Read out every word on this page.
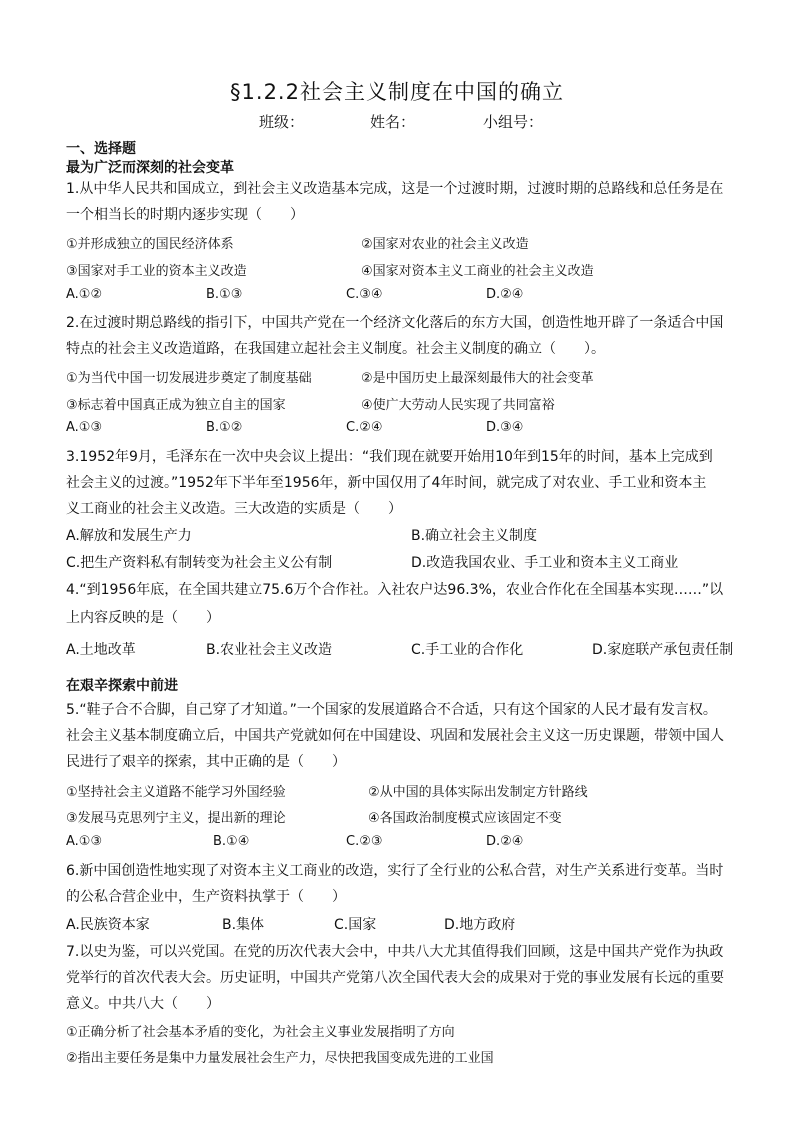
§1.2.2社会主义制度在中国的确立
班级：	姓名：	小组号：
一、选择题
最为广泛而深刻的社会变革
1.从中华人民共和国成立，到社会主义改造基本完成，这是一个过渡时期，过渡时期的总路线和总任务是在
一个相当长的时期内逐步实现（　　）
①并形成独立的国民经济体系	②国家对农业的社会主义改造
③国家对手工业的资本主义改造	④国家对资本主义工商业的社会主义改造
A.①②	B.①③	C.③④	D.②④
2.在过渡时期总路线的指引下，中国共产党在一个经济文化落后的东方大国，创造性地开辟了一条适合中国
特点的社会主义改造道路，在我国建立起社会主义制度。社会主义制度的确立（　　）。
①为当代中国一切发展进步奠定了制度基础	②是中国历史上最深刻最伟大的社会变革
③标志着中国真正成为独立自主的国家	④使广大劳动人民实现了共同富裕
A.①③	B.①②	C.②④	D.③④
3.1952年9月，毛泽东在一次中央会议上提出：“我们现在就要开始用10年到15年的时间，基本上完成到
社会主义的过渡。”1952年下半年至1956年，新中国仅用了4年时间，就完成了对农业、手工业和资本主
义工商业的社会主义改造。三大改造的实质是（　　）
A.解放和发展生产力	B.确立社会主义制度
C.把生产资料私有制转变为社会主义公有制	D.改造我国农业、手工业和资本主义工商业
4.“到1956年底，在全国共建立75.6万个合作社。入社农户达96.3%，农业合作化在全国基本实现……”以
上内容反映的是（　　）
A.土地改革	B.农业社会主义改造	C.手工业的合作化	D.家庭联产承包责任制
在艰辛探索中前进
5.“鞋子合不合脚，自己穿了才知道。”一个国家的发展道路合不合适，只有这个国家的人民才最有发言权。
社会主义基本制度确立后，中国共产党就如何在中国建设、巩固和发展社会主义这一历史课题，带领中国人
民进行了艰辛的探索，其中正确的是（　　）
①坚持社会主义道路不能学习外国经验	②从中国的具体实际出发制定方针路线
③发展马克思列宁主义，提出新的理论	④各国政治制度模式应该固定不变
A.①③	B.①④	C.②③	D.②④
6.新中国创造性地实现了对资本主义工商业的改造，实行了全行业的公私合营，对生产关系进行变革。当时
的公私合营企业中，生产资料执掌于（　　）
A.民族资本家	B.集体	C.国家	D.地方政府
7.以史为鉴，可以兴党国。在党的历次代表大会中，中共八大尤其值得我们回顾，这是中国共产党作为执政
党举行的首次代表大会。历史证明，中国共产党第八次全国代表大会的成果对于党的事业发展有长远的重要
意义。中共八大（　　）
①正确分析了社会基本矛盾的变化，为社会主义事业发展指明了方向
②指出主要任务是集中力量发展社会生产力，尽快把我国变成先进的工业国
